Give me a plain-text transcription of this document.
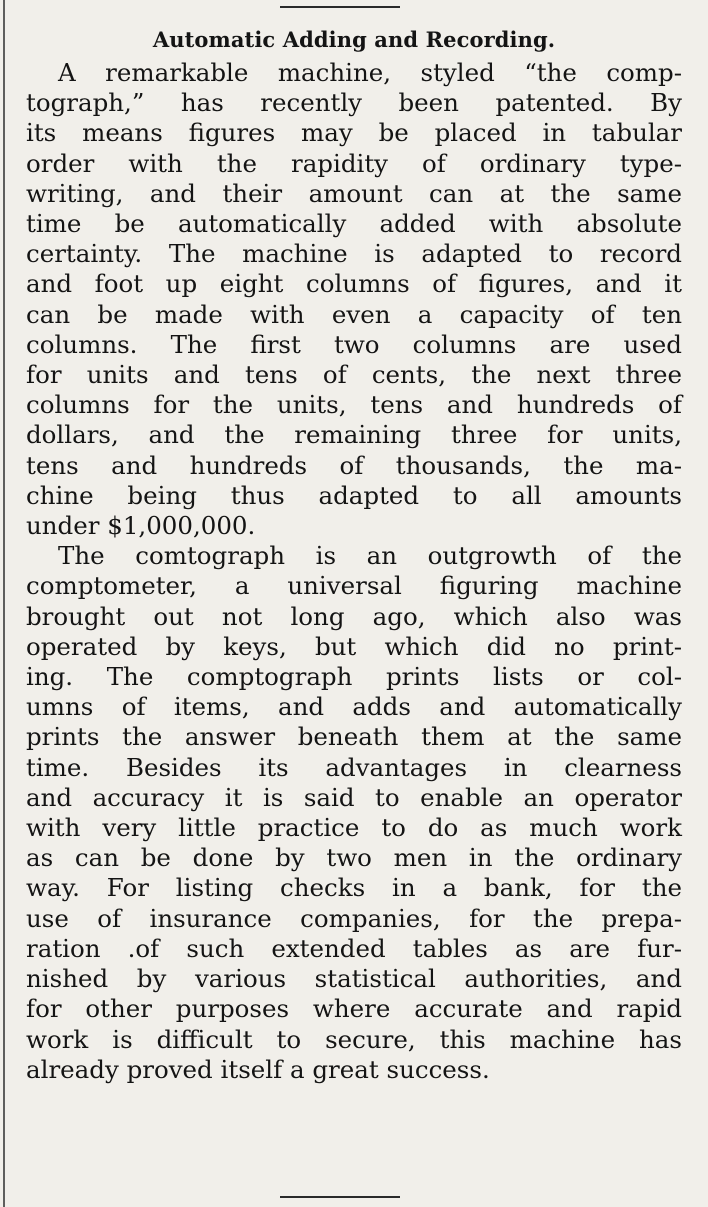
Automatic Adding and Recording.

A remarkable machine, styled “the comp-
tograph,” has recently been patented. By
its means figures may be placed in tabular
order with the rapidity of ordinary type-
writing, and their amount can at the same
time be automatically added with absolute
certainty. The machine is adapted to record
and foot up eight columns of figures, and it
can be made with even a capacity of ten
columns. The first two columns are used
for units and tens of cents, the next three
columns for the units, tens and hundreds of
dollars, and the remaining three for units,
tens and hundreds of thousands, the ma-
chine being thus adapted to all amounts
under $1,000,000.

The comtograph is an outgrowth of the
comptometer, a universal figuring machine
brought out not long ago, which also was
operated by keys, but which did no print-
ing. The comptograph prints lists or col-
umns of items, and adds and automatically
prints the answer beneath them at the same
time. Besides its advantages in clearness
and accuracy it is said to enable an operator
with very little practice to do as much work
as can be done by two men in the ordinary
way. For listing checks in a bank, for the
use of insurance companies, for the prepa-
ration .of such extended tables as are fur-
nished by various statistical authorities, and
for other purposes where accurate and rapid
work is difficult to secure, this machine has
already proved itself a great success.
